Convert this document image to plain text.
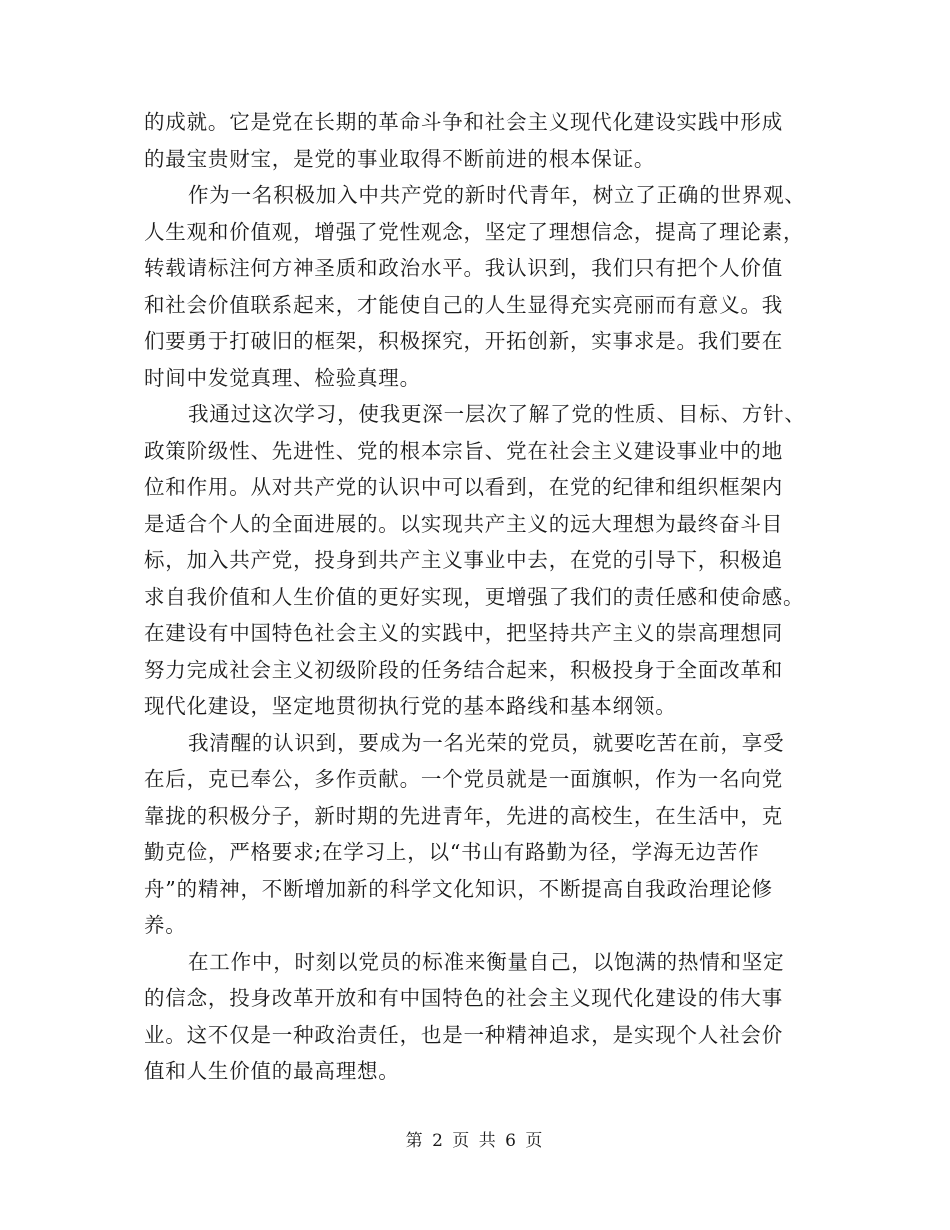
的成就。它是党在长期的革命斗争和社会主义现代化建设实践中形成
的最宝贵财宝，是党的事业取得不断前进的根本保证。
作为一名积极加入中共产党的新时代青年，树立了正确的世界观、
人生观和价值观，增强了党性观念，坚定了理想信念，提高了理论素，
转载请标注何方神圣质和政治水平。我认识到，我们只有把个人价值
和社会价值联系起来，才能使自己的人生显得充实亮丽而有意义。我
们要勇于打破旧的框架，积极探究，开拓创新，实事求是。我们要在
时间中发觉真理、检验真理。
我通过这次学习，使我更深一层次了解了党的性质、目标、方针、
政策阶级性、先进性、党的根本宗旨、党在社会主义建设事业中的地
位和作用。从对共产党的认识中可以看到，在党的纪律和组织框架内
是适合个人的全面进展的。以实现共产主义的远大理想为最终奋斗目
标，加入共产党，投身到共产主义事业中去，在党的引导下，积极追
求自我价值和人生价值的更好实现，更增强了我们的责任感和使命感。
在建设有中国特色社会主义的实践中，把坚持共产主义的崇高理想同
努力完成社会主义初级阶段的任务结合起来，积极投身于全面改革和
现代化建设，坚定地贯彻执行党的基本路线和基本纲领。
我清醒的认识到，要成为一名光荣的党员，就要吃苦在前，享受
在后，克已奉公，多作贡献。一个党员就是一面旗帜，作为一名向党
靠拢的积极分子，新时期的先进青年，先进的高校生，在生活中，克
勤克俭，严格要求;在学习上，以“书山有路勤为径，学海无边苦作
舟”的精神，不断增加新的科学文化知识，不断提高自我政治理论修
养。
在工作中，时刻以党员的标准来衡量自己，以饱满的热情和坚定
的信念，投身改革开放和有中国特色的社会主义现代化建设的伟大事
业。这不仅是一种政治责任，也是一种精神追求，是实现个人社会价
值和人生价值的最高理想。
第 2 页 共 6 页
